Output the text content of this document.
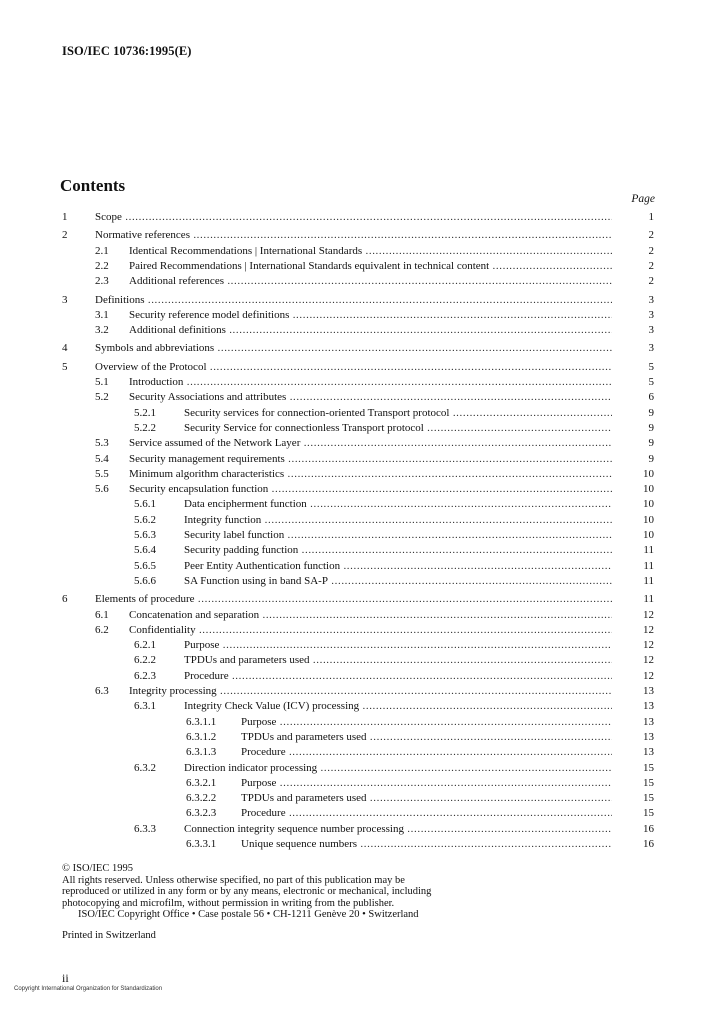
ISO/IEC 10736:1995(E)
Contents
Page
1	Scope .....	1
2	Normative references .....	2
2.1 Identical Recommendations | International Standards .....	2
2.2 Paired Recommendations | International Standards equivalent in technical content .....	2
2.3 Additional references .....	2
3	Definitions .....	3
3.1 Security reference model definitions .....	3
3.2 Additional definitions .....	3
4	Symbols and abbreviations .....	3
5	Overview of the Protocol .....	5
5.1 Introduction .....	5
5.2 Security Associations and attributes .....	6
5.2.1	Security services for connection-oriented Transport protocol .....	9
5.2.2	Security Service for connectionless Transport protocol .....	9
5.3 Service assumed of the Network Layer .....	9
5.4 Security management requirements .....	9
5.5 Minimum algorithm characteristics .....	10
5.6 Security encapsulation function .....	10
5.6.1	Data encipherment function .....	10
5.6.2	Integrity function .....	10
5.6.3	Security label function .....	10
5.6.4	Security padding function .....	11
5.6.5	Peer Entity Authentication function .....	11
5.6.6	SA Function using in band SA-P .....	11
6	Elements of procedure .....	11
6.1 Concatenation and separation .....	12
6.2 Confidentiality .....	12
6.2.1	Purpose .....	12
6.2.2	TPDUs and parameters used .....	12
6.2.3	Procedure .....	12
6.3 Integrity processing .....	13
6.3.1	Integrity Check Value (ICV) processing .....	13
6.3.1.1 Purpose .....	13
6.3.1.2 TPDUs and parameters used .....	13
6.3.1.3 Procedure .....	13
6.3.2	Direction indicator processing .....	15
6.3.2.1 Purpose .....	15
6.3.2.2 TPDUs and parameters used .....	15
6.3.2.3 Procedure .....	15
6.3.3	Connection integrity sequence number processing .....	16
6.3.3.1 Unique sequence numbers .....	16
© ISO/IEC 1995
All rights reserved. Unless otherwise specified, no part of this publication may be
reproduced or utilized in any form or by any means, electronic or mechanical, including
photocopying and microfilm, without permission in writing from the publisher.
ISO/IEC Copyright Office • Case postale 56 • CH-1211 Genève 20 • Switzerland
Printed in Switzerland
ii
Copyright International Organization for Standardization
